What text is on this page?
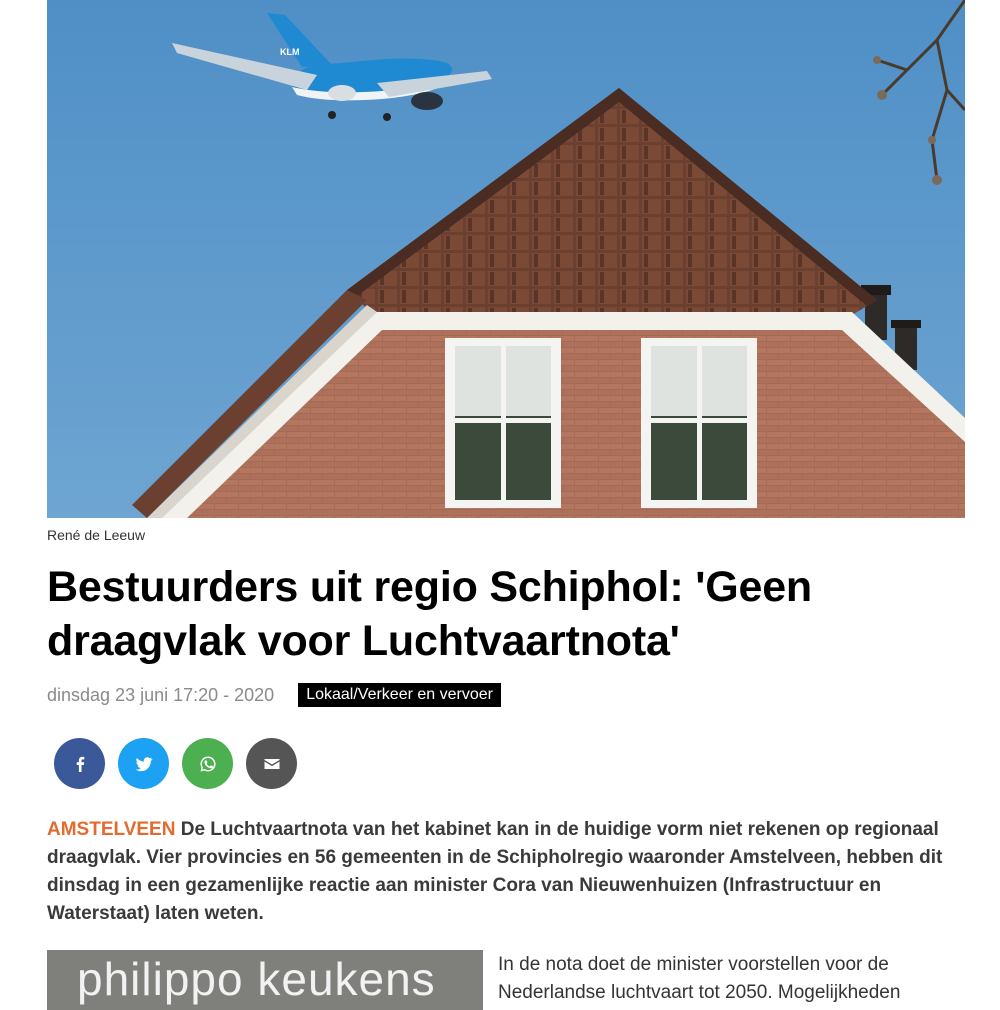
KLM
René de Leeuw
Bestuurders uit regio Schiphol: 'Geen
draagvlak voor Luchtvaartnota'
dinsdag 23 juni 17:20 - 2020	Lokaal/Verkeer en vervoer

AMSTELVEEN De Luchtvaartnota van het kabinet kan in de huidige vorm niet rekenen op regionaal draagvlak. Vier provincies en 56 gemeenten in de Schipholregio waaronder Amstelveen, hebben dit dinsdag in een gezamenlijke reactie aan minister Cora van Nieuwenhuizen (Infrastructuur en Waterstaat) laten weten.

philippo keukens	In de nota doet de minister voorstellen voor de Nederlandse luchtvaart tot 2050. Mogelijkheden
